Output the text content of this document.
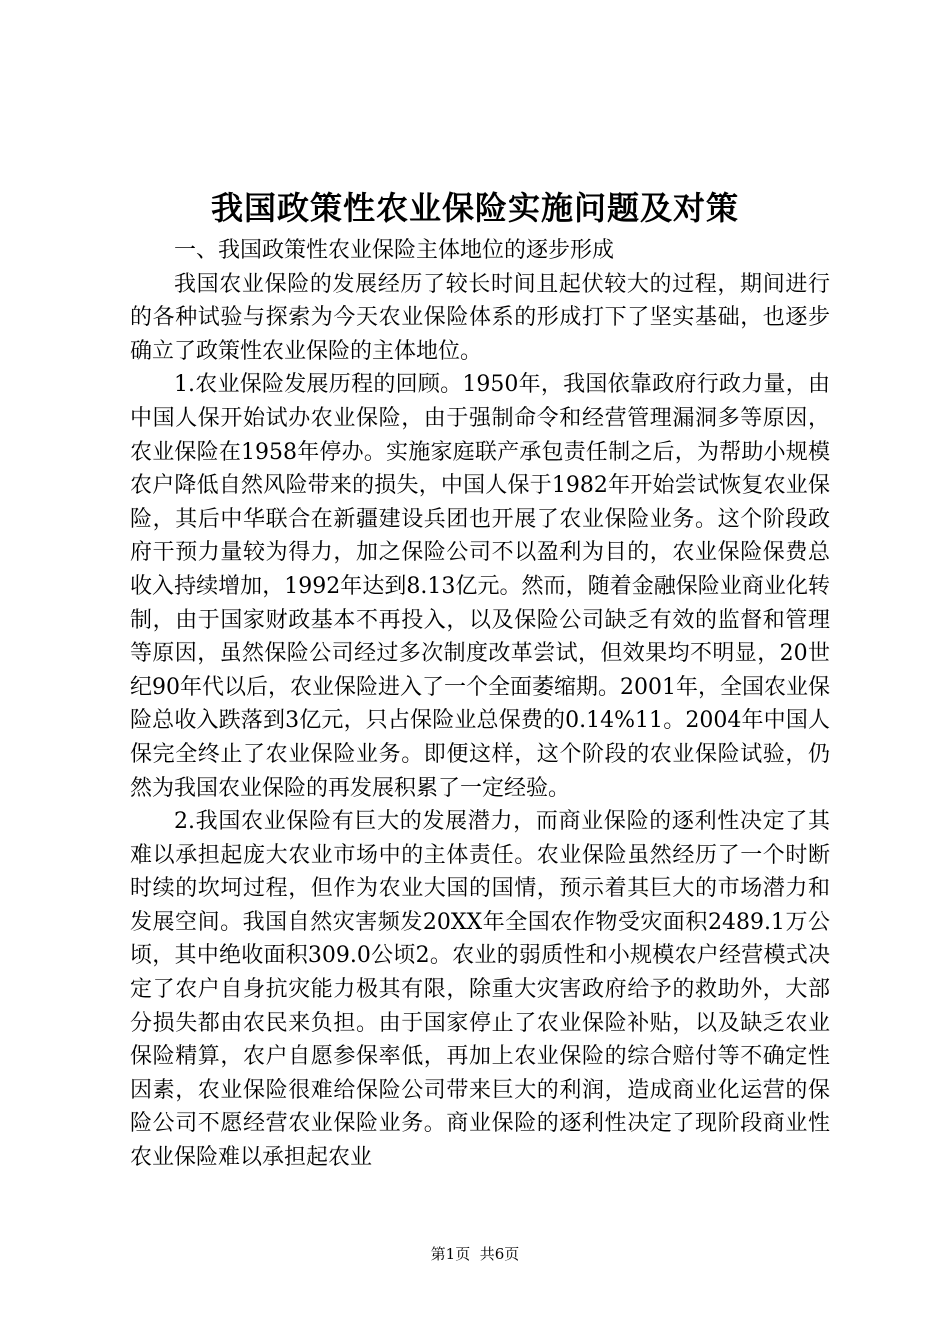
我国政策性农业保险实施问题及对策

一、我国政策性农业保险主体地位的逐步形成

我国农业保险的发展经历了较长时间且起伏较大的过程，期间进行的各种试验与探索为今天农业保险体系的形成打下了坚实基础，也逐步确立了政策性农业保险的主体地位。

1.农业保险发展历程的回顾。1950年，我国依靠政府行政力量，由中国人保开始试办农业保险，由于强制命令和经营管理漏洞多等原因，农业保险在1958年停办。实施家庭联产承包责任制之后，为帮助小规模农户降低自然风险带来的损失，中国人保于1982年开始尝试恢复农业保险，其后中华联合在新疆建设兵团也开展了农业保险业务。这个阶段政府干预力量较为得力，加之保险公司不以盈利为目的，农业保险保费总收入持续增加，1992年达到8.13亿元。然而，随着金融保险业商业化转制，由于国家财政基本不再投入，以及保险公司缺乏有效的监督和管理等原因，虽然保险公司经过多次制度改革尝试，但效果均不明显，20世纪90年代以后，农业保险进入了一个全面萎缩期。2001年，全国农业保险总收入跌落到3亿元，只占保险业总保费的0.14%11。2004年中国人保完全终止了农业保险业务。即便这样，这个阶段的农业保险试验，仍然为我国农业保险的再发展积累了一定经验。

2.我国农业保险有巨大的发展潜力，而商业保险的逐利性决定了其难以承担起庞大农业市场中的主体责任。农业保险虽然经历了一个时断时续的坎坷过程，但作为农业大国的国情，预示着其巨大的市场潜力和发展空间。我国自然灾害频发20XX年全国农作物受灾面积2489.1万公顷，其中绝收面积309.0公顷2。农业的弱质性和小规模农户经营模式决定了农户自身抗灾能力极其有限，除重大灾害政府给予的救助外，大部分损失都由农民来负担。由于国家停止了农业保险补贴，以及缺乏农业保险精算，农户自愿参保率低，再加上农业保险的综合赔付等不确定性因素，农业保险很难给保险公司带来巨大的利润，造成商业化运营的保险公司不愿经营农业保险业务。商业保险的逐利性决定了现阶段商业性农业保险难以承担起农业

第1页 共6页
